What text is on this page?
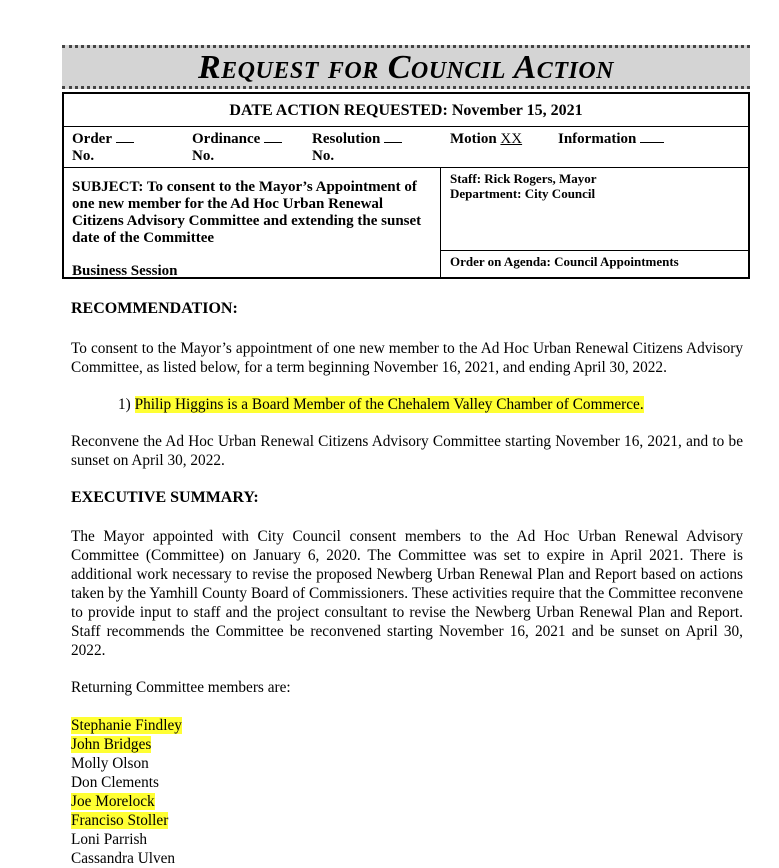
Request for Council Action
DATE ACTION REQUESTED: November 15, 2021
Order
No.
Ordinance
No.
Resolution
No.
Motion XX Information
SUBJECT: To consent to the Mayor’s Appointment of one new member for the Ad Hoc Urban Renewal Citizens Advisory Committee and extending the sunset date of the Committee
Staff: Rick Rogers, Mayor
Department: City Council
Business Session
Order on Agenda: Council Appointments
RECOMMENDATION:
To consent to the Mayor’s appointment of one new member to the Ad Hoc Urban Renewal Citizens Advisory Committee, as listed below, for a term beginning November 16, 2021, and ending April 30, 2022.
1) Philip Higgins is a Board Member of the Chehalem Valley Chamber of Commerce.
Reconvene the Ad Hoc Urban Renewal Citizens Advisory Committee starting November 16, 2021, and to be sunset on April 30, 2022.
EXECUTIVE SUMMARY:
The Mayor appointed with City Council consent members to the Ad Hoc Urban Renewal Advisory Committee (Committee) on January 6, 2020. The Committee was set to expire in April 2021. There is additional work necessary to revise the proposed Newberg Urban Renewal Plan and Report based on actions taken by the Yamhill County Board of Commissioners. These activities require that the Committee reconvene to provide input to staff and the project consultant to revise the Newberg Urban Renewal Plan and Report. Staff recommends the Committee be reconvened starting November 16, 2021 and be sunset on April 30, 2022.
Returning Committee members are:
Stephanie Findley
John Bridges
Molly Olson
Don Clements
Joe Morelock
Franciso Stoller
Loni Parrish
Cassandra Ulven
